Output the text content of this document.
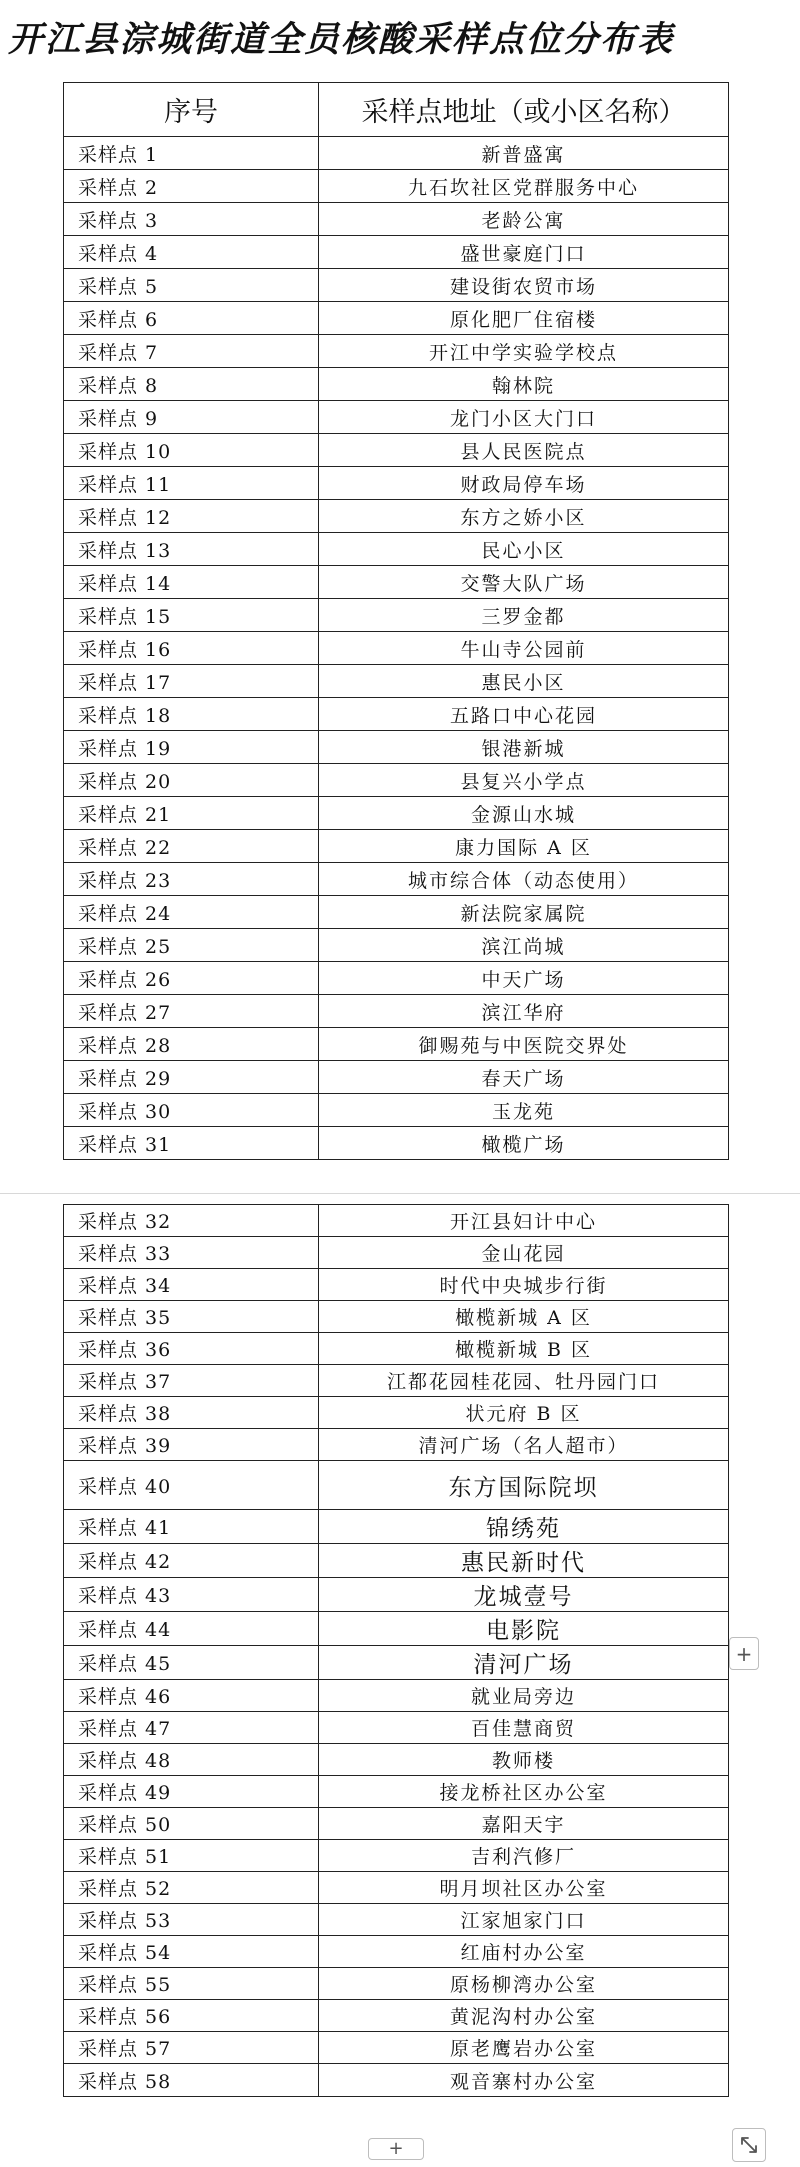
开江县淙城街道全员核酸采样点位分布表
序号	采样点地址（或小区名称）
采样点 1	新普盛寓
采样点 2	九石坎社区党群服务中心
采样点 3	老龄公寓
采样点 4	盛世豪庭门口
采样点 5	建设街农贸市场
采样点 6	原化肥厂住宿楼
采样点 7	开江中学实验学校点
采样点 8	翰林院
采样点 9	龙门小区大门口
采样点 10	县人民医院点
采样点 11	财政局停车场
采样点 12	东方之娇小区
采样点 13	民心小区
采样点 14	交警大队广场
采样点 15	三罗金都
采样点 16	牛山寺公园前
采样点 17	惠民小区
采样点 18	五路口中心花园
采样点 19	银港新城
采样点 20	县复兴小学点
采样点 21	金源山水城
采样点 22	康力国际 A 区
采样点 23	城市综合体（动态使用）
采样点 24	新法院家属院
采样点 25	滨江尚城
采样点 26	中天广场
采样点 27	滨江华府
采样点 28	御赐苑与中医院交界处
采样点 29	春天广场
采样点 30	玉龙苑
采样点 31	橄榄广场
采样点 32	开江县妇计中心
采样点 33	金山花园
采样点 34	时代中央城步行街
采样点 35	橄榄新城 A 区
采样点 36	橄榄新城 B 区
采样点 37	江都花园桂花园、牡丹园门口
采样点 38	状元府 B 区
采样点 39	清河广场（名人超市）
采样点 40	东方国际院坝
采样点 41	锦绣苑
采样点 42	惠民新时代
采样点 43	龙城壹号
采样点 44	电影院
采样点 45	清河广场
采样点 46	就业局旁边
采样点 47	百佳慧商贸
采样点 48	教师楼
采样点 49	接龙桥社区办公室
采样点 50	嘉阳天宇
采样点 51	吉利汽修厂
采样点 52	明月坝社区办公室
采样点 53	江家旭家门口
采样点 54	红庙村办公室
采样点 55	原杨柳湾办公室
采样点 56	黄泥沟村办公室
采样点 57	原老鹰岩办公室
采样点 58	观音寨村办公室
+
+
